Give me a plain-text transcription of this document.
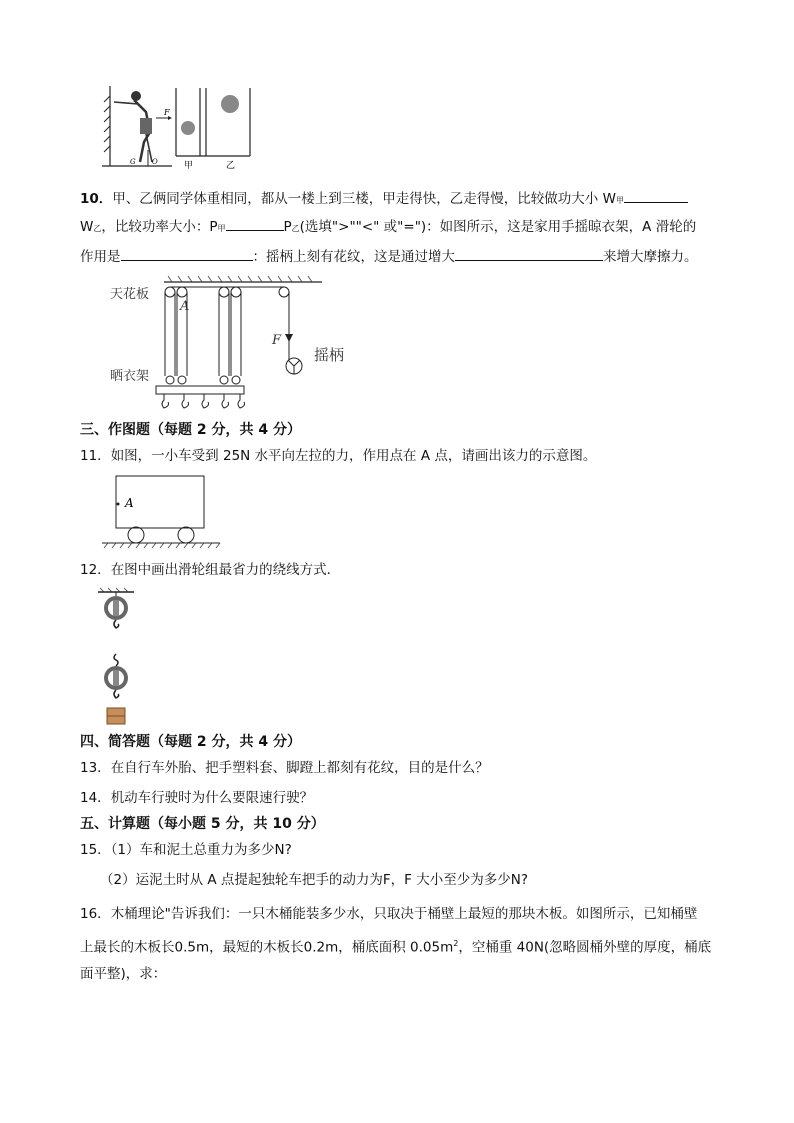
F
G O	甲	乙
10．甲、乙俩同学体重相同，都从一楼上到三楼，甲走得快，乙走得慢，比较做功大小 W甲
W乙，比较功率大小：P甲	P乙(选填">""<" 或"=")：如图所示，这是家用手摇晾衣架，A 滑轮的
作用是	：摇柄上刻有花纹，这是通过增大	来增大摩擦力。
天花板
A
F
摇柄
晒衣架
三、作图题（每题 2 分，共 4 分）
11．如图，一小车受到 25N 水平向左拉的力，作用点在 A 点，请画出该力的示意图。
A
12．在图中画出滑轮组最省力的绕线方式．
四、简答题（每题 2 分，共 4 分）
13．在自行车外胎、把手塑料套、脚蹬上都刻有花纹，目的是什么？
14．机动车行驶时为什么要限速行驶？
五、计算题（每小题 5 分，共 10 分）
15．（1）车和泥土总重力为多少N?
（2）运泥土时从 A 点提起独轮车把手的动力为F，F 大小至少为多少N?
16．木桶理论"告诉我们：一只木桶能装多少水，只取决于桶壁上最短的那块木板。如图所示，已知桶壁
上最长的木板长0.5m，最短的木板长0.2m，桶底面积 $0.05m^2$，空桶重 40N(忽略圆桶外壁的厚度，桶底
面平整)，求：
